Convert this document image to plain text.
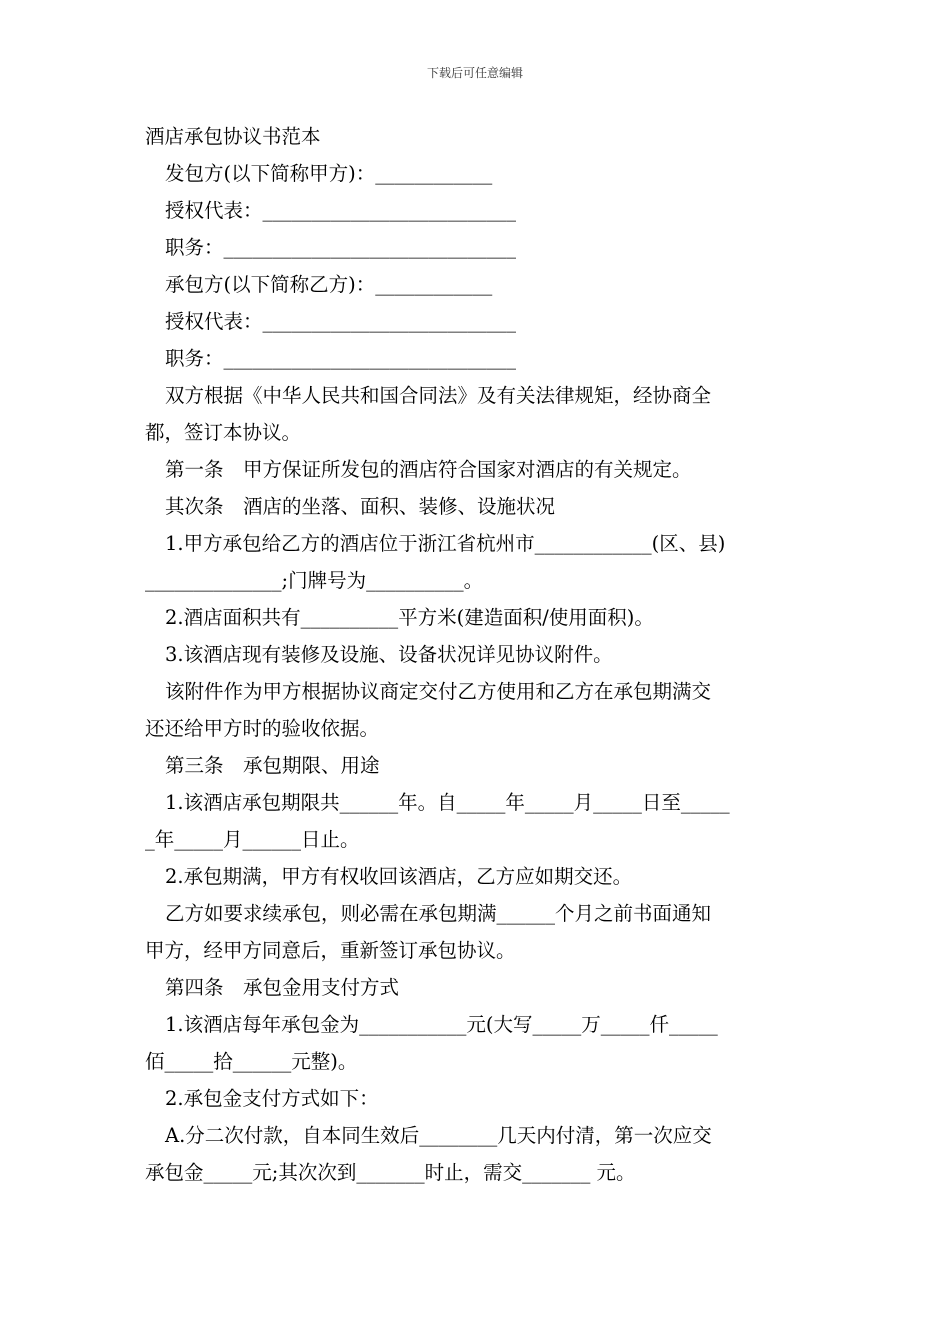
下载后可任意编辑
酒店承包协议书范本
发包方(以下简称甲方)：____________
授权代表：__________________________
职务：______________________________
承包方(以下简称乙方)：____________
授权代表：__________________________
职务：______________________________
双方根据《中华人民共和国合同法》及有关法律规矩，经协商全
都，签订本协议。
第一条　甲方保证所发包的酒店符合国家对酒店的有关规定。
其次条　酒店的坐落、面积、装修、设施状况
1.甲方承包给乙方的酒店位于浙江省杭州市____________(区、县)
______________;门牌号为__________。
2.酒店面积共有__________平方米(建造面积/使用面积)。
3.该酒店现有装修及设施、设备状况详见协议附件。
该附件作为甲方根据协议商定交付乙方使用和乙方在承包期满交
还还给甲方时的验收依据。
第三条　承包期限、用途
1.该酒店承包期限共______年。自_____年_____月_____日至_____
_年_____月______日止。
2.承包期满，甲方有权收回该酒店，乙方应如期交还。
乙方如要求续承包，则必需在承包期满______个月之前书面通知
甲方，经甲方同意后，重新签订承包协议。
第四条　承包金用支付方式
1.该酒店每年承包金为___________元(大写_____万_____仟_____
佰_____拾______元整)。
2.承包金支付方式如下：
A.分二次付款，自本同生效后________几天内付清，第一次应交
承包金_____元;其次次到_______时止，需交_______ 元。
